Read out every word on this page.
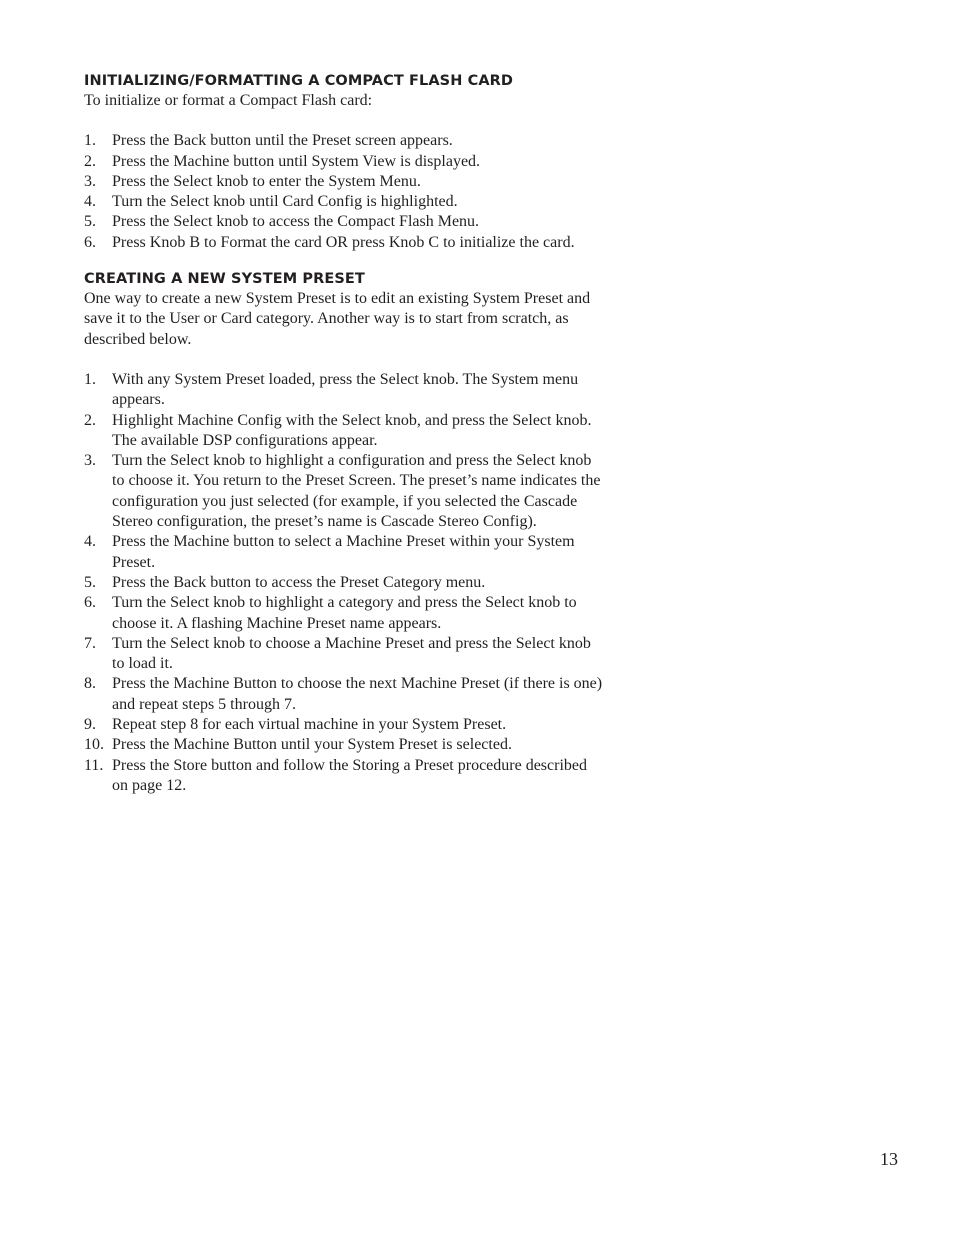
INITIALIZING/FORMATTING A COMPACT FLASH CARD

To initialize or format a Compact Flash card:

1. Press the Back button until the Preset screen appears.
2. Press the Machine button until System View is displayed.
3. Press the Select knob to enter the System Menu.
4. Turn the Select knob until Card Config is highlighted.
5. Press the Select knob to access the Compact Flash Menu.
6. Press Knob B to Format the card OR press Knob C to initialize the card.
CREATING A NEW SYSTEM PRESET

One way to create a new System Preset is to edit an existing System Preset and save it to the User or Card category. Another way is to start from scratch, as described below.

1. With any System Preset loaded, press the Select knob. The System menu appears.
2. Highlight Machine Config with the Select knob, and press the Select knob. The available DSP configurations appear.
3. Turn the Select knob to highlight a configuration and press the Select knob to choose it. You return to the Preset Screen. The preset’s name indicates the configuration you just selected (for example, if you selected the Cascade Stereo configuration, the preset’s name is Cascade Stereo Config).
4. Press the Machine button to select a Machine Preset within your System Preset.
5. Press the Back button to access the Preset Category menu.
6. Turn the Select knob to highlight a category and press the Select knob to choose it. A flashing Machine Preset name appears.
7. Turn the Select knob to choose a Machine Preset and press the Select knob to load it.
8. Press the Machine Button to choose the next Machine Preset (if there is one) and repeat steps 5 through 7.
9. Repeat step 8 for each virtual machine in your System Preset.
10. Press the Machine Button until your System Preset is selected.
11. Press the Store button and follow the Storing a Preset procedure described on page 12.
13
